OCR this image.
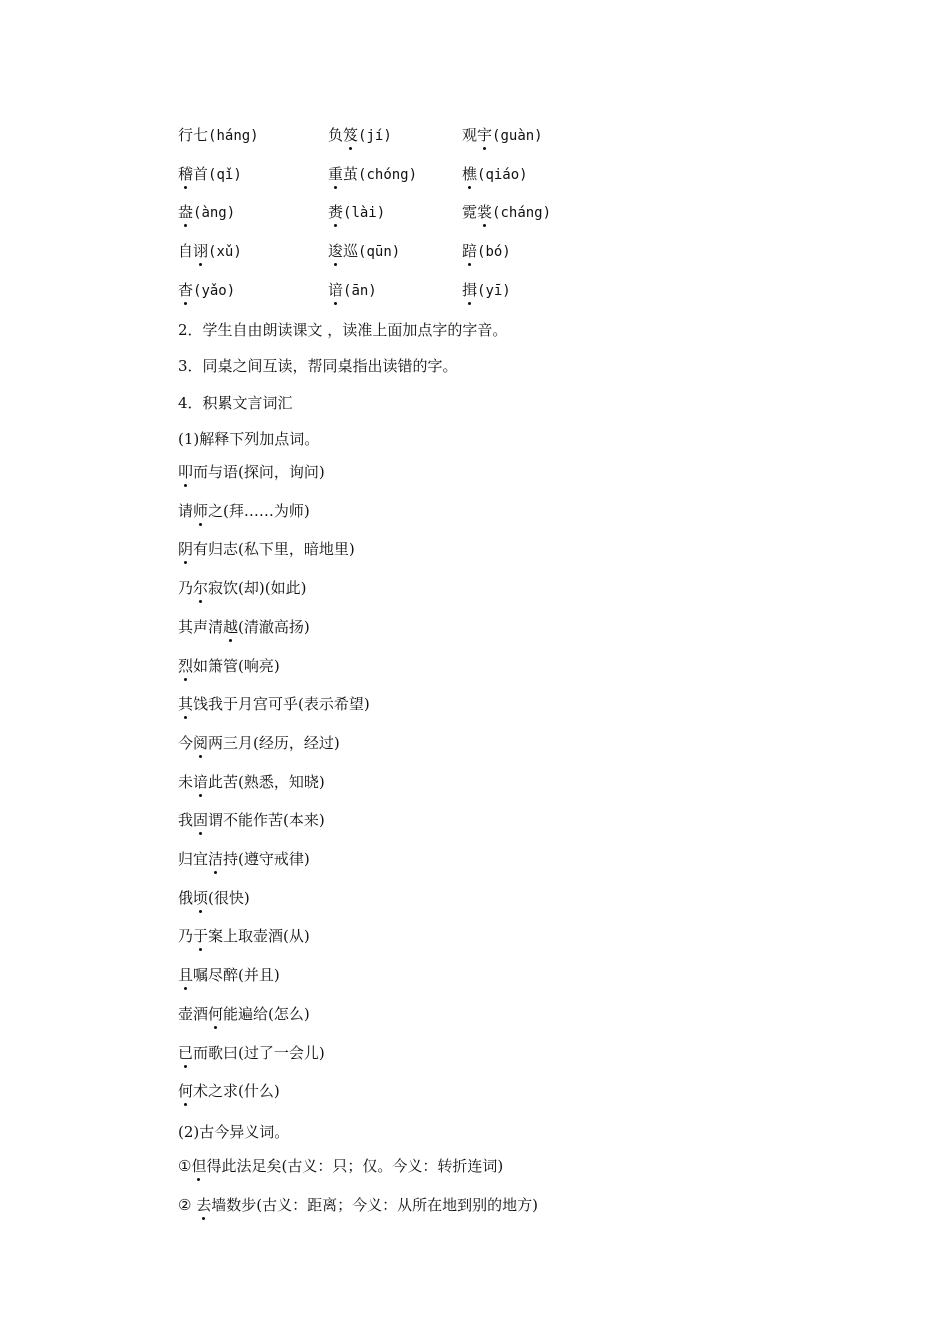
行七(háng)	负笈(jí)	观宇(guàn)
稽首(qǐ)	重茧(chóng)	樵(qiáo)
盎(àng)	赉(lài)	霓裳(cháng)
自诩(xǔ)	逡巡(qūn)	踣(bó)
杳(yǎo)	谙(ān)	揖(yī)
2．学生自由朗读课文 ，读准上面加点字的字音。
3．同桌之间互读，帮同桌指出读错的字。
4．积累文言词汇
(1)解释下列加点词。
叩而与语(探问，询问)
请师之(拜……为师)
阴有归志(私下里，暗地里)
乃尔寂饮(却)(如此)
其声清越(清澈高扬)
烈如箫管(响亮)
其饯我于月宫可乎(表示希望)
今阅两三月(经历，经过)
未谙此苦(熟悉，知晓)
我固谓不能作苦(本来)
归宜洁持(遵守戒律)
俄顷(很快)
乃于案上取壶酒(从)
且嘱尽醉(并且)
壶酒何能遍给(怎么)
已而歌曰(过了一会儿)
何术之求(什么)
(2)古今异义词。
①但得此法足矣(古义：只；仅。今义：转折连词)
② 去墙数步(古义：距离；今义：从所在地到别的地方)
